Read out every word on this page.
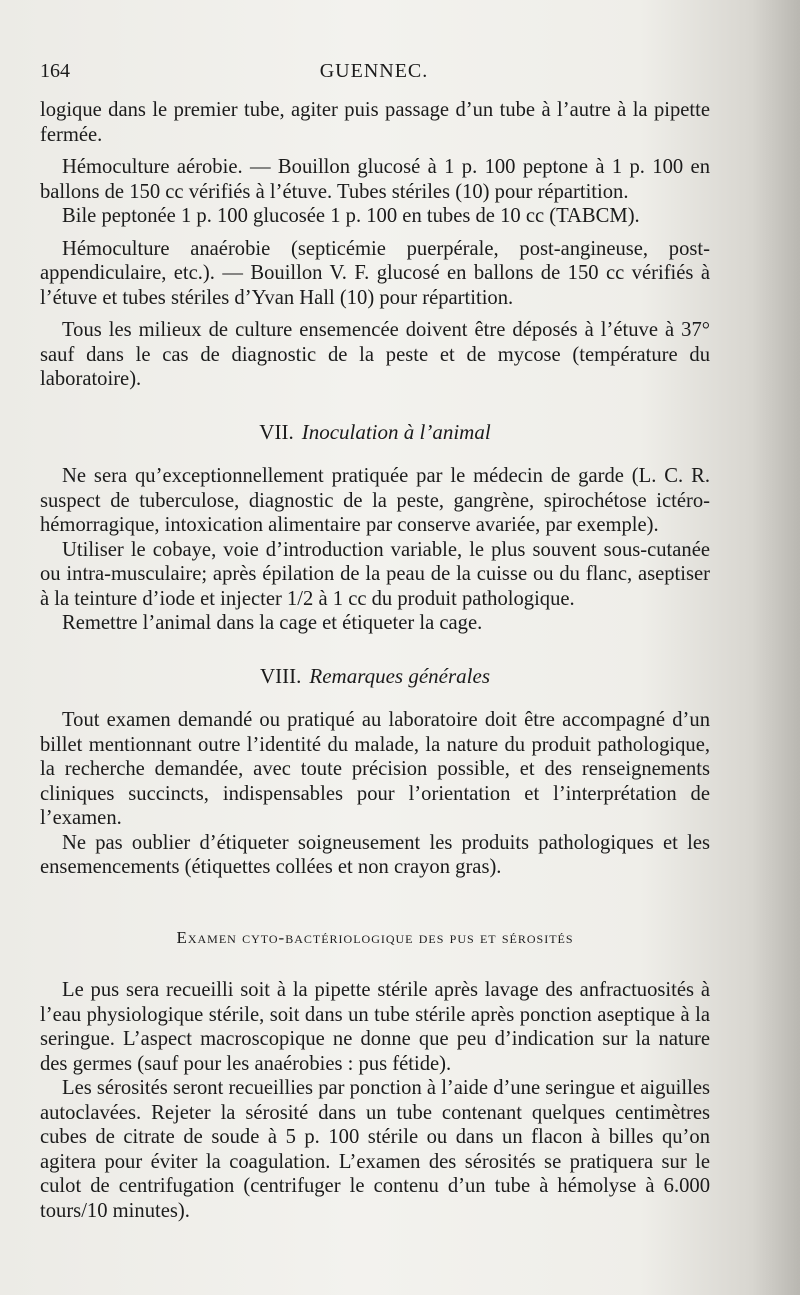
164	GUENNEC.

logique dans le premier tube, agiter puis passage d’un tube à l’autre à la pipette fermée.

Hémoculture aérobie. — Bouillon glucosé à 1 p. 100 peptone à 1 p. 100 en ballons de 150 cc vérifiés à l’étuve. Tubes stériles (10) pour répartition.

Bile peptonée 1 p. 100 glucosée 1 p. 100 en tubes de 10 cc (TABCM).

Hémoculture anaérobie (septicémie puerpérale, post-angineuse, post-appendiculaire, etc.). — Bouillon V. F. glucosé en ballons de 150 cc vérifiés à l’étuve et tubes stériles d’Yvan Hall (10) pour répartition.

Tous les milieux de culture ensemencée doivent être déposés à l’étuve à 37° sauf dans le cas de diagnostic de la peste et de mycose (température du laboratoire).

VII. Inoculation à l’animal

Ne sera qu’exceptionnellement pratiquée par le médecin de garde (L. C. R. suspect de tuberculose, diagnostic de la peste, gangrène, spirochétose ictéro-hémorragique, intoxication alimentaire par conserve avariée, par exemple).

Utiliser le cobaye, voie d’introduction variable, le plus souvent sous-cutanée ou intra-musculaire; après épilation de la peau de la cuisse ou du flanc, aseptiser à la teinture d’iode et injecter 1/2 à 1 cc du produit pathologique.

Remettre l’animal dans la cage et étiqueter la cage.

VIII. Remarques générales

Tout examen demandé ou pratiqué au laboratoire doit être accompagné d’un billet mentionnant outre l’identité du malade, la nature du produit pathologique, la recherche demandée, avec toute précision possible, et des renseignements cliniques succincts, indispensables pour l’orientation et l’interprétation de l’examen.

Ne pas oublier d’étiqueter soigneusement les produits pathologiques et les ensemencements (étiquettes collées et non crayon gras).

Examen cyto-bactériologique des pus et sérosités

Le pus sera recueilli soit à la pipette stérile après lavage des anfractuosités à l’eau physiologique stérile, soit dans un tube stérile après ponction aseptique à la seringue. L’aspect macroscopique ne donne que peu d’indication sur la nature des germes (sauf pour les anaérobies : pus fétide).

Les sérosités seront recueillies par ponction à l’aide d’une seringue et aiguilles autoclavées. Rejeter la sérosité dans un tube contenant quelques centimètres cubes de citrate de soude à 5 p. 100 stérile ou dans un flacon à billes qu’on agitera pour éviter la coagulation. L’examen des sérosités se pratiquera sur le culot de centrifugation (centrifuger le contenu d’un tube à hémolyse à 6.000 tours/10 minutes).
